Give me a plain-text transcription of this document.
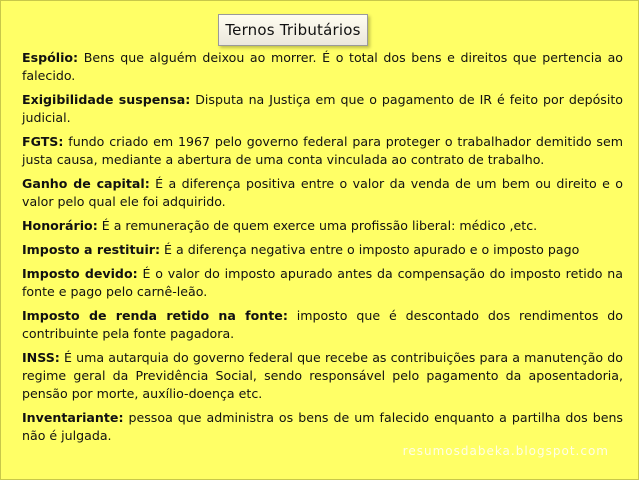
Ternos Tributários

Espólio: Bens que alguém deixou ao morrer. É o total dos bens e direitos que pertencia ao falecido.

Exigibilidade suspensa: Disputa na Justiça em que o pagamento de IR é feito por depósito judicial.

FGTS: fundo criado em 1967 pelo governo federal para proteger o trabalhador demitido sem justa causa, mediante a abertura de uma conta vinculada ao contrato de trabalho.

Ganho de capital: É a diferença positiva entre o valor da venda de um bem ou direito e o valor pelo qual ele foi adquirido.

Honorário: É a remuneração de quem exerce uma profissão liberal: médico ,etc.

Imposto a restituir: É a diferença negativa entre o imposto apurado e o imposto pago

Imposto devido: É o valor do imposto apurado antes da compensação do imposto retido na fonte e pago pelo carnê-leão.

Imposto de renda retido na fonte: imposto que é descontado dos rendimentos do contribuinte pela fonte pagadora.

INSS: É uma autarquia do governo federal que recebe as contribuições para a manutenção do regime geral da Previdência Social, sendo responsável pelo pagamento da aposentadoria, pensão por morte, auxílio-doença etc.

Inventariante: pessoa que administra os bens de um falecido enquanto a partilha dos bens não é julgada.

resumosdabeka.blogspot.com
